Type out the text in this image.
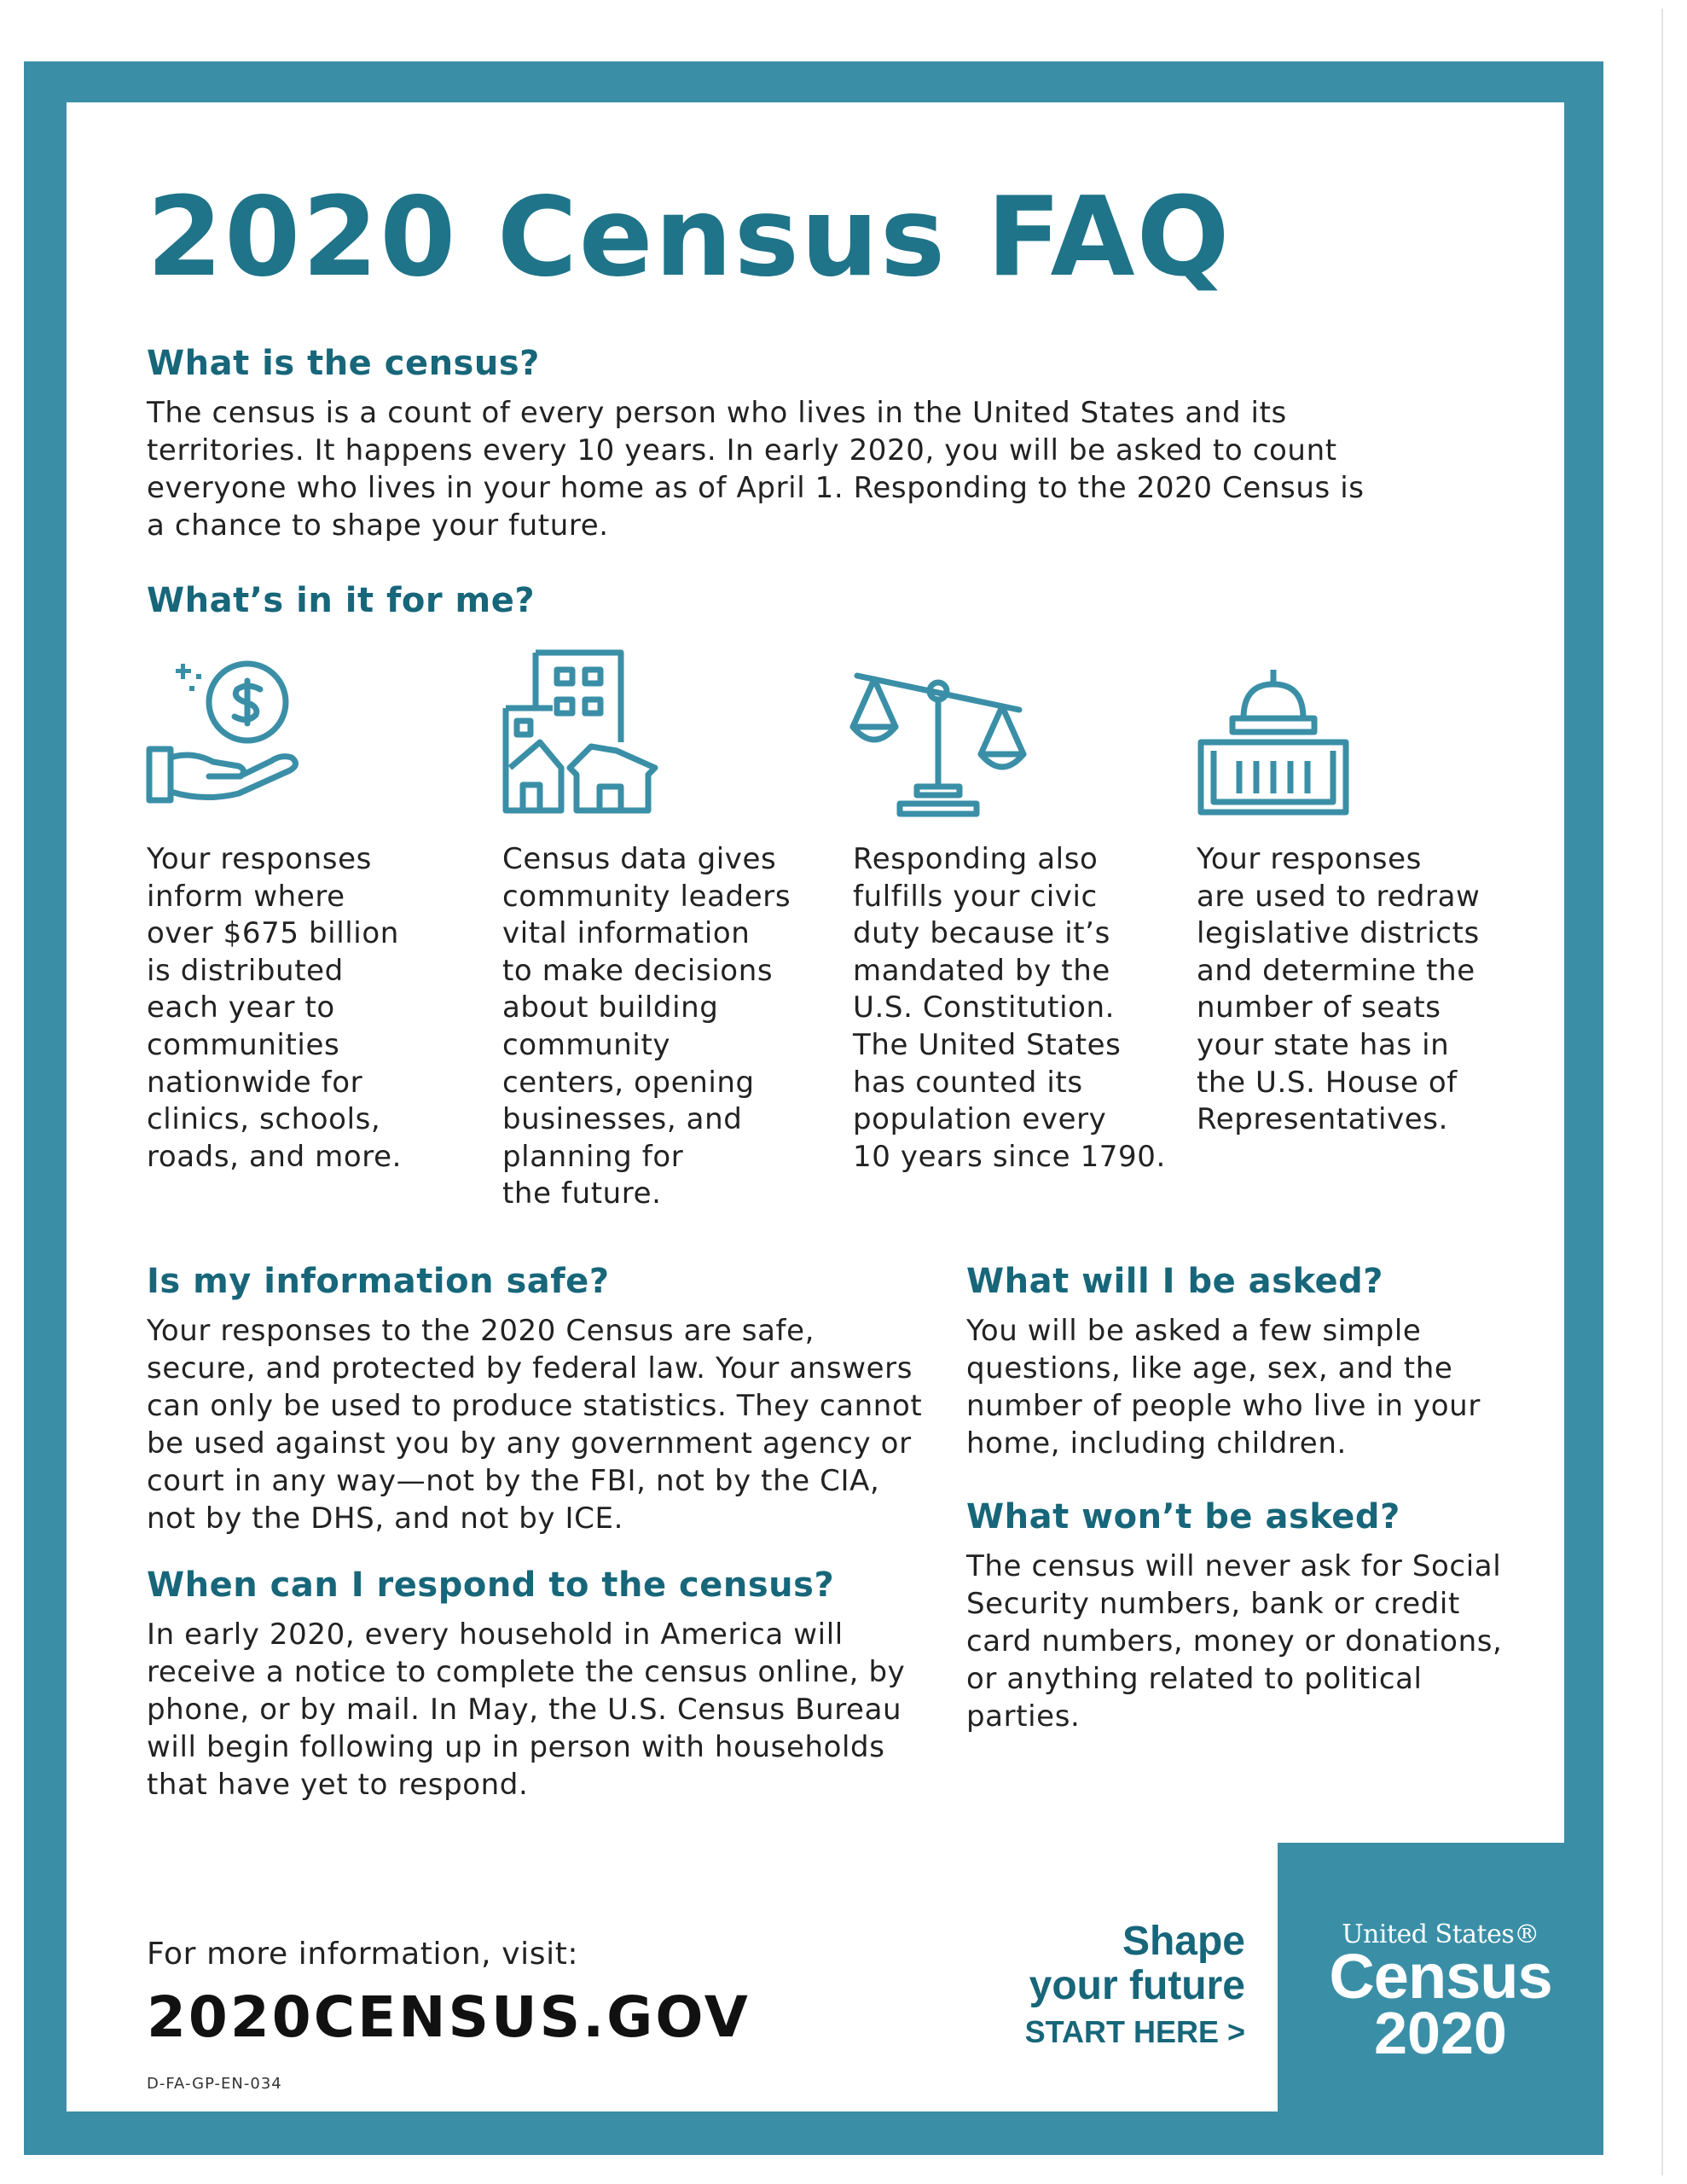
2020 Census FAQ
What is the census?

The census is a count of every person who lives in the United States and its territories. It happens every 10 years. In early 2020, you will be asked to count everyone who lives in your home as of April 1. Responding to the 2020 Census is a chance to shape your future.

What’s in it for me?

Your responses
inform where
over $675 billion
is distributed
each year to
communities
nationwide for
clinics, schools,
roads, and more.

Census data gives
community leaders
vital information
to make decisions
about building
community
centers, opening
businesses, and
planning for
the future.

Responding also
fulfills your civic
duty because it’s
mandated by the
U.S. Constitution.
The United States
has counted its
population every
10 years since 1790.

Your responses
are used to redraw
legislative districts
and determine the
number of seats
your state has in
the U.S. House of
Representatives.

Is my information safe?

Your responses to the 2020 Census are safe, secure, and protected by federal law. Your answers can only be used to produce statistics. They cannot be used against you by any government agency or court in any way—not by the FBI, not by the CIA, not by the DHS, and not by ICE.

When can I respond to the census?

In early 2020, every household in America will receive a notice to complete the census online, by phone, or by mail. In May, the U.S. Census Bureau will begin following up in person with households that have yet to respond.

What will I be asked?

You will be asked a few simple questions, like age, sex, and the number of people who live in your home, including children.

What won’t be asked?

The census will never ask for Social Security numbers, bank or credit card numbers, money or donations, or anything related to political parties.

For more information, visit:
2020CENSUS.GOV
D-FA-GP-EN-034
Shape
your future
START HERE >
United States®
Census
2020
